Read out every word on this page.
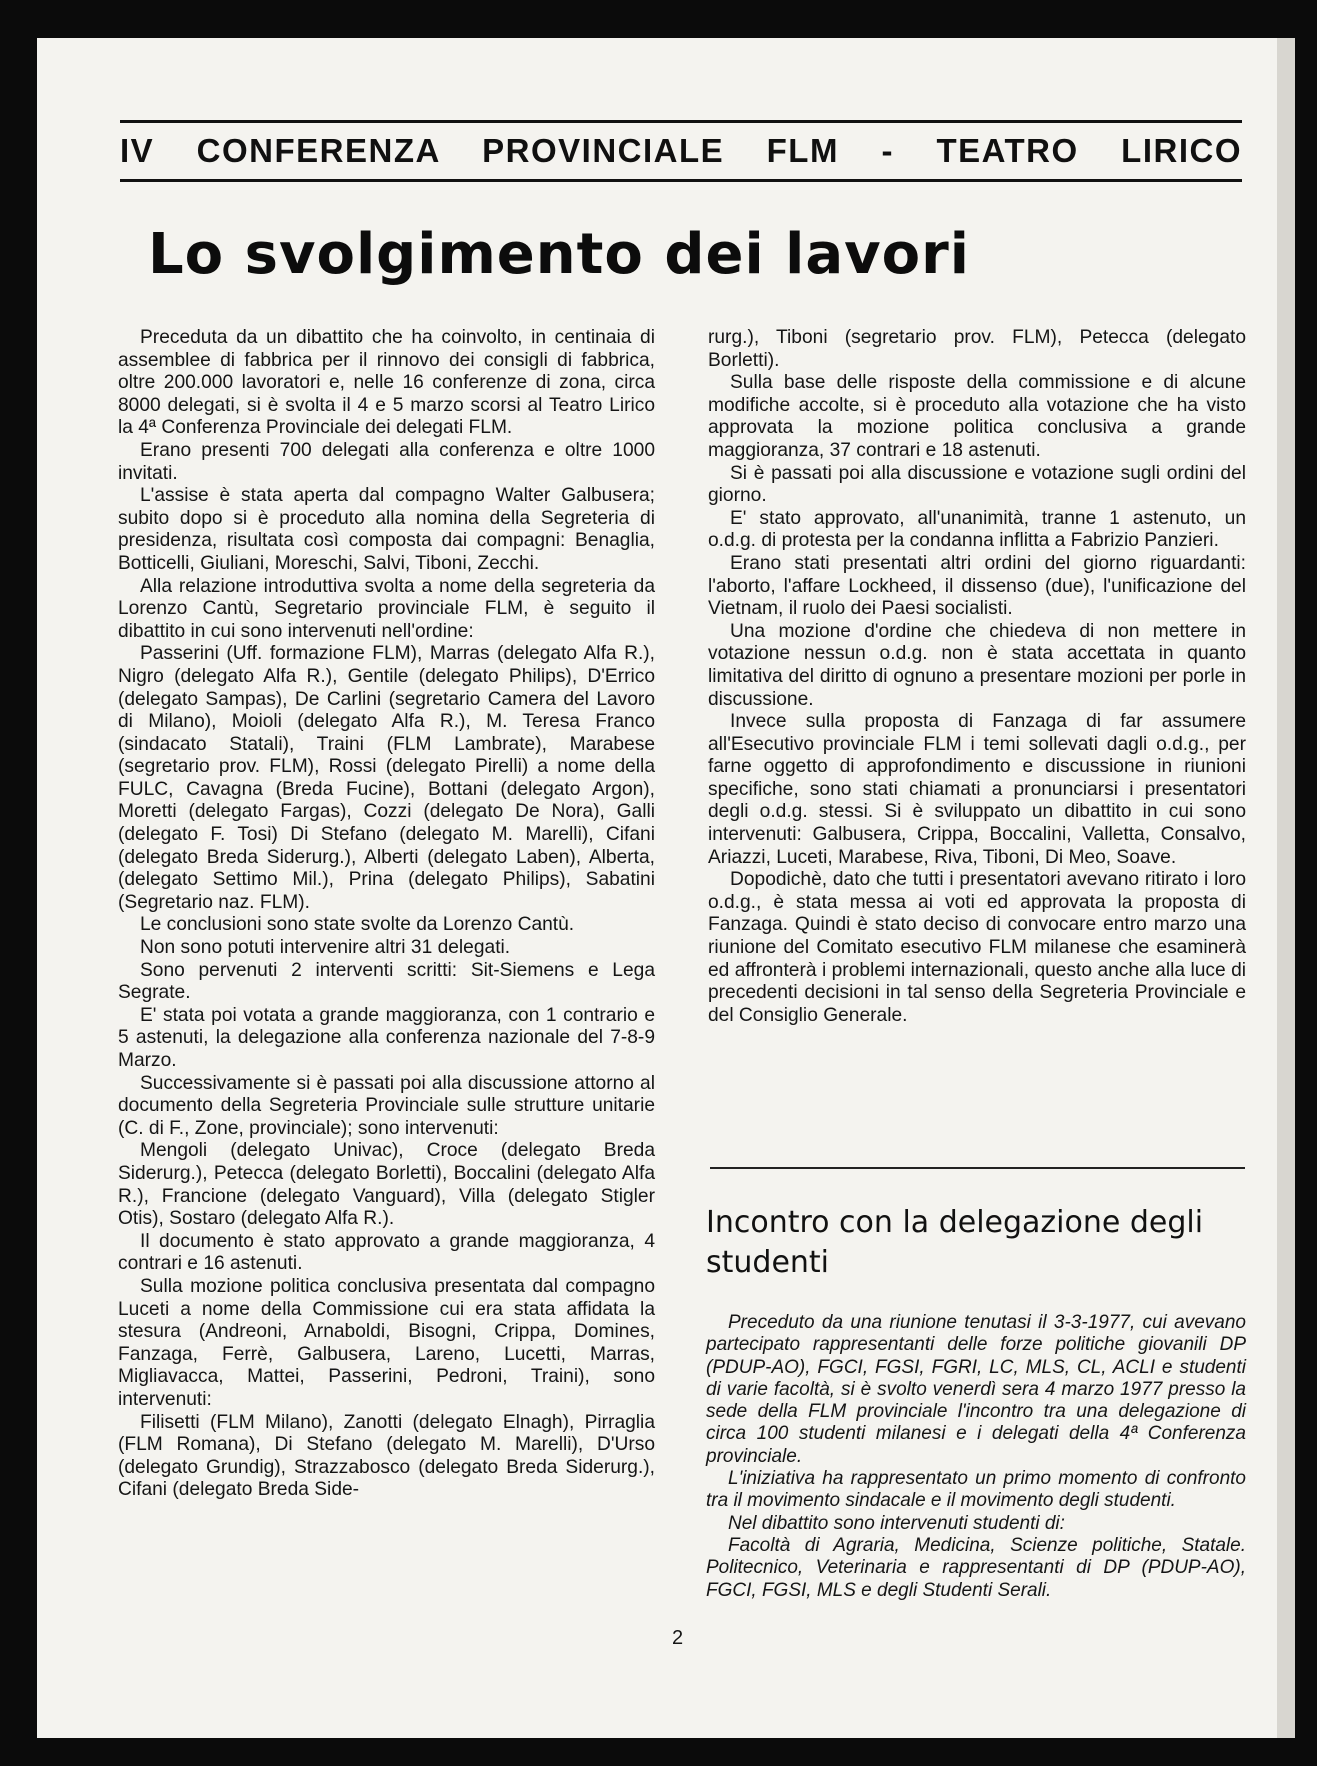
IV CONFERENZA PROVINCIALE FLM - TEATRO LIRICO
Lo svolgimento dei lavori

Preceduta da un dibattito che ha coinvolto, in centinaia di assemblee di fabbrica per il rinnovo dei consigli di fabbrica, oltre 200.000 lavoratori e, nelle 16 conferenze di zona, circa 8000 delegati, si è svolta il 4 e 5 marzo scorsi al Teatro Lirico la 4ª Conferenza Provinciale dei delegati FLM.

Erano presenti 700 delegati alla conferenza e oltre 1000 invitati.

L'assise è stata aperta dal compagno Walter Galbusera; subito dopo si è proceduto alla nomina della Segreteria di presidenza, risultata così composta dai compagni: Benaglia, Botticelli, Giuliani, Moreschi, Salvi, Tiboni, Zecchi.

Alla relazione introduttiva svolta a nome della segreteria da Lorenzo Cantù, Segretario provinciale FLM, è seguito il dibattito in cui sono intervenuti nell'ordine:

Passerini (Uff. formazione FLM), Marras (delegato Alfa R.), Nigro (delegato Alfa R.), Gentile (delegato Philips), D'Errico (delegato Sampas), De Carlini (segretario Camera del Lavoro di Milano), Moioli (delegato Alfa R.), M. Teresa Franco (sindacato Statali), Traini (FLM Lambrate), Marabese (segretario prov. FLM), Rossi (delegato Pirelli) a nome della FULC, Cavagna (Breda Fucine), Bottani (delegato Argon), Moretti (delegato Fargas), Cozzi (delegato De Nora), Galli (delegato F. Tosi) Di Stefano (delegato M. Marelli), Cifani (delegato Breda Siderurg.), Alberti (delegato Laben), Alberta, (delegato Settimo Mil.), Prina (delegato Philips), Sabatini (Segretario naz. FLM).

Le conclusioni sono state svolte da Lorenzo Cantù.

Non sono potuti intervenire altri 31 delegati.

Sono pervenuti 2 interventi scritti: Sit-Siemens e Lega Segrate.

E' stata poi votata a grande maggioranza, con 1 contrario e 5 astenuti, la delegazione alla conferenza nazionale del 7-8-9 Marzo.

Successivamente si è passati poi alla discussione attorno al documento della Segreteria Provinciale sulle strutture unitarie (C. di F., Zone, provinciale); sono intervenuti:

Mengoli (delegato Univac), Croce (delegato Breda Siderurg.), Petecca (delegato Borletti), Boccalini (delegato Alfa R.), Francione (delegato Vanguard), Villa (delegato Stigler Otis), Sostaro (delegato Alfa R.).

Il documento è stato approvato a grande maggioranza, 4 contrari e 16 astenuti.

Sulla mozione politica conclusiva presentata dal compagno Luceti a nome della Commissione cui era stata affidata la stesura (Andreoni, Arnaboldi, Bisogni, Crippa, Domines, Fanzaga, Ferrè, Galbusera, Lareno, Lucetti, Marras, Migliavacca, Mattei, Passerini, Pedroni, Traini), sono intervenuti:

Filisetti (FLM Milano), Zanotti (delegato Elnagh), Pirraglia (FLM Romana), Di Stefano (delegato M. Marelli), D'Urso (delegato Grundig), Strazzabosco (delegato Breda Siderurg.), Cifani (delegato Breda Side-

rurg.), Tiboni (segretario prov. FLM), Petecca (delegato Borletti).

Sulla base delle risposte della commissione e di alcune modifiche accolte, si è proceduto alla votazione che ha visto approvata la mozione politica conclusiva a grande maggioranza, 37 contrari e 18 astenuti.

Si è passati poi alla discussione e votazione sugli ordini del giorno.

E' stato approvato, all'unanimità, tranne 1 astenuto, un o.d.g. di protesta per la condanna inflitta a Fabrizio Panzieri.

Erano stati presentati altri ordini del giorno riguardanti: l'aborto, l'affare Lockheed, il dissenso (due), l'unificazione del Vietnam, il ruolo dei Paesi socialisti.

Una mozione d'ordine che chiedeva di non mettere in votazione nessun o.d.g. non è stata accettata in quanto limitativa del diritto di ognuno a presentare mozioni per porle in discussione.

Invece sulla proposta di Fanzaga di far assumere all'Esecutivo provinciale FLM i temi sollevati dagli o.d.g., per farne oggetto di approfondimento e discussione in riunioni specifiche, sono stati chiamati a pronunciarsi i presentatori degli o.d.g. stessi. Si è sviluppato un dibattito in cui sono intervenuti: Galbusera, Crippa, Boccalini, Valletta, Consalvo, Ariazzi, Luceti, Marabese, Riva, Tiboni, Di Meo, Soave.

Dopodichè, dato che tutti i presentatori avevano ritirato i loro o.d.g., è stata messa ai voti ed approvata la proposta di Fanzaga. Quindi è stato deciso di convocare entro marzo una riunione del Comitato esecutivo FLM milanese che esaminerà ed affronterà i problemi internazionali, questo anche alla luce di precedenti decisioni in tal senso della Segreteria Provinciale e del Consiglio Generale.

Incontro con la delegazione degli studenti

Preceduto da una riunione tenutasi il 3-3-1977, cui avevano partecipato rappresentanti delle forze politiche giovanili DP (PDUP-AO), FGCI, FGSI, FGRI, LC, MLS, CL, ACLI e studenti di varie facoltà, si è svolto venerdì sera 4 marzo 1977 presso la sede della FLM provinciale l'incontro tra una delegazione di circa 100 studenti milanesi e i delegati della 4ª Conferenza provinciale.

L'iniziativa ha rappresentato un primo momento di confronto tra il movimento sindacale e il movimento degli studenti.

Nel dibattito sono intervenuti studenti di:

Facoltà di Agraria, Medicina, Scienze politiche, Statale. Politecnico, Veterinaria e rappresentanti di DP (PDUP-AO), FGCI, FGSI, MLS e degli Studenti Serali.

2
